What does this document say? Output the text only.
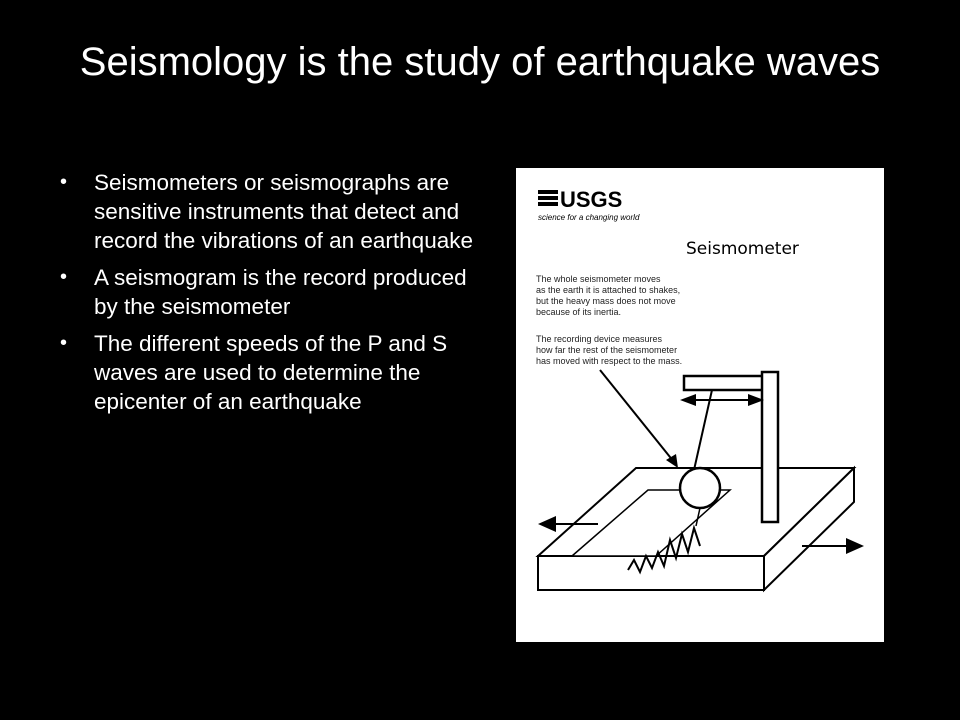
Seismology is the study of earthquake waves
• Seismometers or seismographs are sensitive instruments that detect and record the vibrations of an earthquake
• A seismogram is the record produced by the seismometer
• The different speeds of the P and S waves are used to determine the epicenter of an earthquake
USGS
science for a changing world
Seismometer
The whole seismometer moves
as the earth it is attached to shakes,
but the heavy mass does not move
because of its inertia.
The recording device measures
how far the rest of the seismometer
has moved with respect to the mass.
